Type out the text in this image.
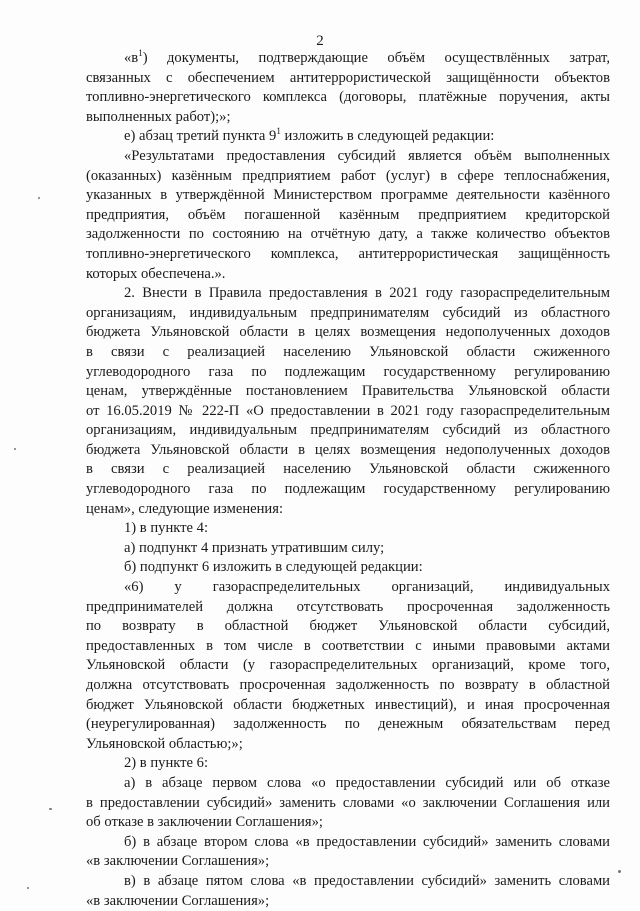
2
«$в^1$) документы, подтверждающие объём осуществлённых затрат,
связанных с обеспечением антитеррористической защищённости объектов
топливно-энергетического комплекса (договоры, платёжные поручения, акты
выполненных работ);»;
е) абзац третий пункта $9^1$ изложить в следующей редакции:
«Результатами предоставления субсидий является объём выполненных
(оказанных) казённым предприятием работ (услуг) в сфере теплоснабжения,
указанных в утверждённой Министерством программе деятельности казённого
предприятия, объём погашенной казённым предприятием кредиторской
задолженности по состоянию на отчётную дату, а также количество объектов
топливно-энергетического комплекса, антитеррористическая защищённость
которых обеспечена.».
2. Внести в Правила предоставления в 2021 году газораспределительным
организациям, индивидуальным предпринимателям субсидий из областного
бюджета Ульяновской области в целях возмещения недополученных доходов
в связи с реализацией населению Ульяновской области сжиженного
углеводородного газа по подлежащим государственному регулированию
ценам, утверждённые постановлением Правительства Ульяновской области
от 16.05.2019 № 222-П «О предоставлении в 2021 году газораспределительным
организациям, индивидуальным предпринимателям субсидий из областного
бюджета Ульяновской области в целях возмещения недополученных доходов
в связи с реализацией населению Ульяновской области сжиженного
углеводородного газа по подлежащим государственному регулированию
ценам», следующие изменения:
1) в пункте 4:
а) подпункт 4 признать утратившим силу;
б) подпункт 6 изложить в следующей редакции:
«6) у газораспределительных организаций, индивидуальных
предпринимателей должна отсутствовать просроченная задолженность
по возврату в областной бюджет Ульяновской области субсидий,
предоставленных в том числе в соответствии с иными правовыми актами
Ульяновской области (у газораспределительных организаций, кроме того,
должна отсутствовать просроченная задолженность по возврату в областной
бюджет Ульяновской области бюджетных инвестиций), и иная просроченная
(неурегулированная) задолженность по денежным обязательствам перед
Ульяновской областью;»;
2) в пункте 6:
а) в абзаце первом слова «о предоставлении субсидий или об отказе
в предоставлении субсидий» заменить словами «о заключении Соглашения или
об отказе в заключении Соглашения»;
б) в абзаце втором слова «в предоставлении субсидий» заменить словами
«в заключении Соглашения»;
в) в абзаце пятом слова «в предоставлении субсидий» заменить словами
«в заключении Соглашения»;
